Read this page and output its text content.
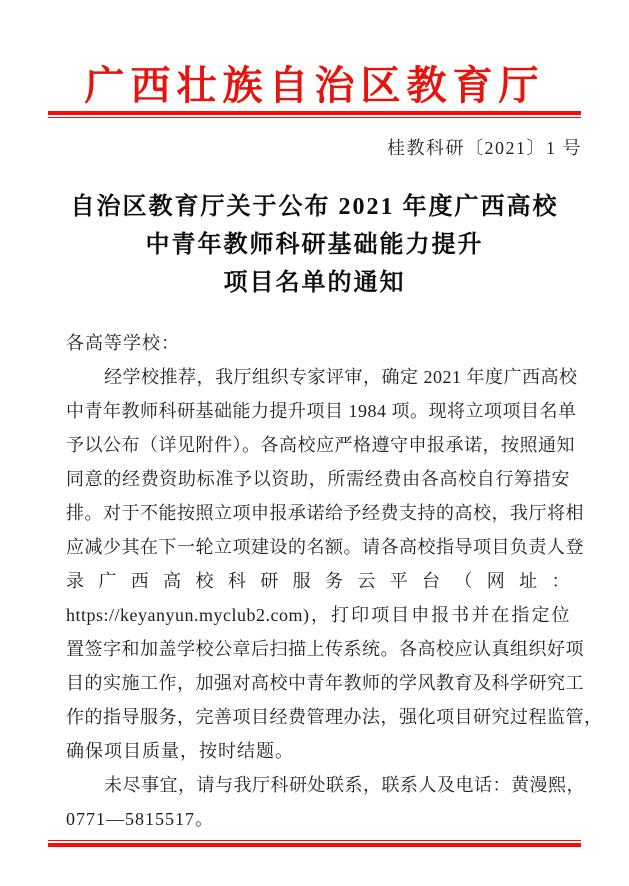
广西壮族自治区教育厅
桂教科研〔2021〕1 号
自治区教育厅关于公布 2021 年度广西高校
中青年教师科研基础能力提升
项目名单的通知
各高等学校：
经学校推荐，我厅组织专家评审，确定 2021 年度广西高校
中青年教师科研基础能力提升项目 1984 项。现将立项项目名单
予以公布（详见附件）。各高校应严格遵守申报承诺，按照通知
同意的经费资助标准予以资助，所需经费由各高校自行筹措安
排。对于不能按照立项申报承诺给予经费支持的高校，我厅将相
应减少其在下一轮立项建设的名额。请各高校指导项目负责人登
录广西高校科研服务云平台（网址：
https://keyanyun.myclub2.com)，打印项目申报书并在指定位
置签字和加盖学校公章后扫描上传系统。各高校应认真组织好项
目的实施工作，加强对高校中青年教师的学风教育及科学研究工
作的指导服务，完善项目经费管理办法，强化项目研究过程监管，
确保项目质量，按时结题。
未尽事宜，请与我厅科研处联系，联系人及电话：黄漫熙，
0771—5815517。
